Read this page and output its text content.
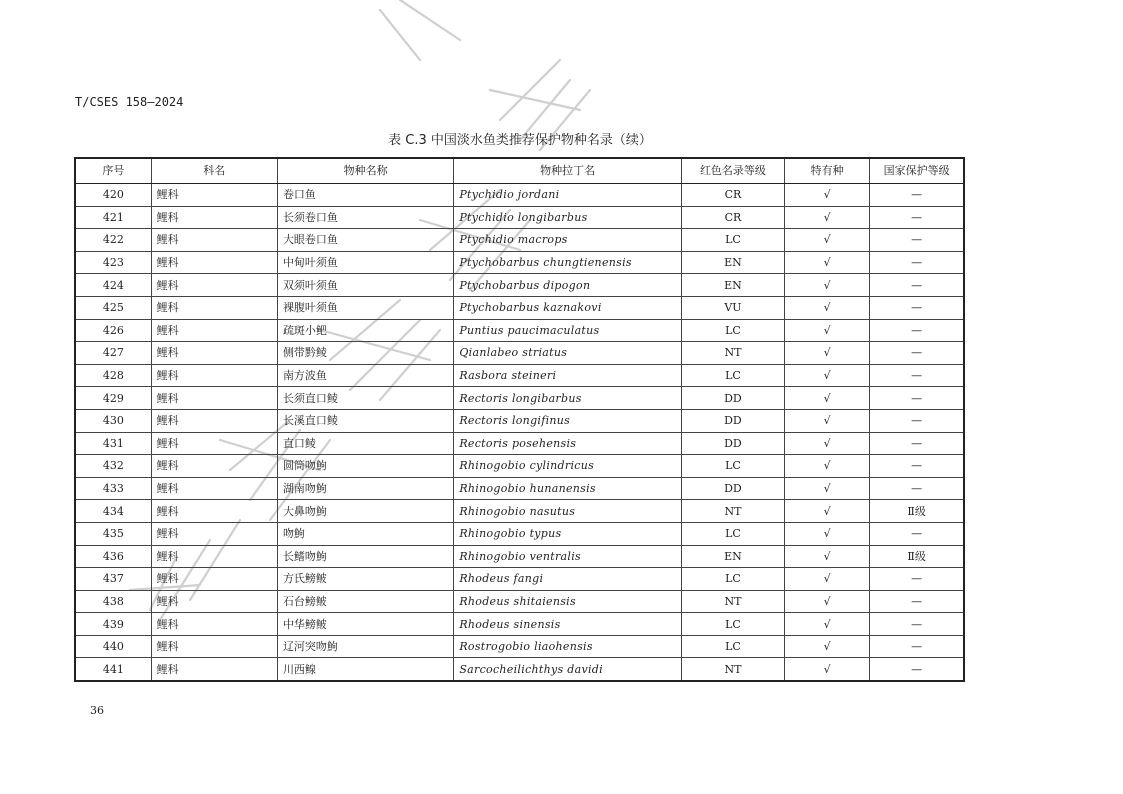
T/CSES 158—2024
表 C.3 中国淡水鱼类推荐保护物种名录（续）
序号	科名	物种名称	物种拉丁名	红色名录等级	特有种	国家保护等级
420	鲤科	卷口鱼	Ptychidio jordani	CR	√	—
421	鲤科	长须卷口鱼	Ptychidio longibarbus	CR	√	—
422	鲤科	大眼卷口鱼	Ptychidio macrops	LC	√	—
423	鲤科	中甸叶须鱼	Ptychobarbus chungtienensis	EN	√	—
424	鲤科	双须叶须鱼	Ptychobarbus dipogon	EN	√	—
425	鲤科	裸腹叶须鱼	Ptychobarbus kaznakovi	VU	√	—
426	鲤科	疏斑小鲃	Puntius paucimaculatus	LC	√	—
427	鲤科	侧带黔鲮	Qianlabeo striatus	NT	√	—
428	鲤科	南方波鱼	Rasbora steineri	LC	√	—
429	鲤科	长须直口鲮	Rectoris longibarbus	DD	√	—
430	鲤科	长溪直口鲮	Rectoris longifinus	DD	√	—
431	鲤科	直口鲮	Rectoris posehensis	DD	√	—
432	鲤科	圆筒吻鮈	Rhinogobio cylindricus	LC	√	—
433	鲤科	湖南吻鮈	Rhinogobio hunanensis	DD	√	—
434	鲤科	大鼻吻鮈	Rhinogobio nasutus	NT	√	Ⅱ级
435	鲤科	吻鮈	Rhinogobio typus	LC	√	—
436	鲤科	长鳍吻鮈	Rhinogobio ventralis	EN	√	Ⅱ级
437	鲤科	方氏鳑鲏	Rhodeus fangi	LC	√	—
438	鲤科	石台鳑鲏	Rhodeus shitaiensis	NT	√	—
439	鲤科	中华鳑鲏	Rhodeus sinensis	LC	√	—
440	鲤科	辽河突吻鮈	Rostrogobio liaohensis	LC	√	—
441	鲤科	川西鳈	Sarcocheilichthys davidi	NT	√	—
36
